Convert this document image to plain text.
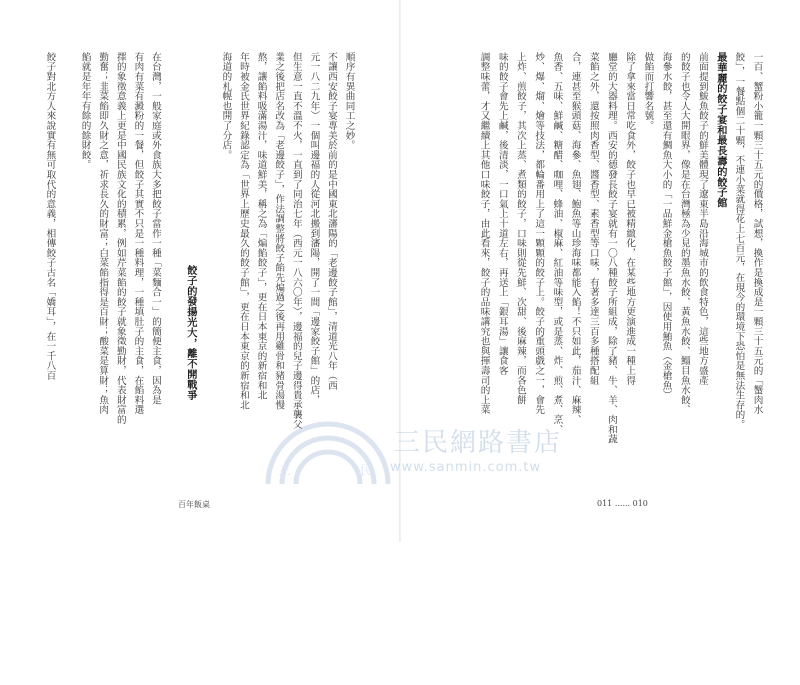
百年飯桌
順序有異曲同工之妙。
不讓西安餃子宴專美於前的是中國東北瀋陽的「老邊餃子館」，清道光八年（西
元一八二九年）一個叫邊福的人從河北搬到瀋陽，開了一間「邊家餃子館」的店，
但生意一直不溫不火，一直到了同治七年（西元一八六〇年），邊福的兒子邊得貴承襲父
業之後把店名改為「老邊餃子」，作法調整將餃子餡先煸過之後再用雞骨和豬骨湯慢
熬，讓餡料吸滿湯汁，味道鮮美，稱之為「煸餡餃子」，更在日本東京的新宿和北
年時被金氏世界紀錄認定為「世界上歷史最久的餃子館」，更在日本東京的新宿和北
海道的札幌也開了分店。
餃子的發揚光大，離不開戰爭
在台灣，一般家庭或外食族大多把餃子當作一種「菜麵合一」的簡便主食，因為是
有肉有菜有澱粉的一餐，但餃子其實不只是一種料理，一種填肚子的主食，在餡料選
擇的象徵意義上更是中國民族文化的積累，例如芹菜餡的餃子就象徵勤財，代表財富的
勤奮；韭菜餡即久財之意，祈求長久的財富；白菜餡指得是百財；酸菜是算財；魚肉
餡就是年年有餘的餘財餃。
餃子對北方人來說實有無可取代的意義，相傳餃子古名「嬌耳」，在一千八百
011 ...... 010
一百、蟹粉小籠一顆三十五元的價格，試想，換作是換成是一顆三十五元的「蟹肉水
餃」，一餐點個二十顆，不連小菜就得花上七百元，在現今的環境下恐怕是無法生存的。
最華麗的餃子宴和最長壽的餃子館
前面提到鮁魚餃子的鮮美體現了遼東半島沿海城市的飲食特色，這些地方盛產
的餃子也令人大開眼界，像是在台灣極為少見的墨魚水餃、黃魚水餃、鰨目魚水餃、
海參水餃，甚至還有鯛魚大小的「一品鮮金槍魚餃子館」，因使用鮪魚（金槍魚）
做餡而打響名號。
除了拿來當日常吃食外，餃子也早已被精緻化，在某些地方更演進成一種上得
廳堂的大器料理。西安的德發長餃子宴就有一〇八種餃子所組成，除了豬、牛、羊、肉和蔬
菜餡之外，還按照肉香型、醬香型、素香型等口味，有著多達三百多種搭配組
合，連甚至猴頭菇、海參、魚翅、鮑魚等山珍海味都能入餡！不只如此，茄汁、麻辣、
魚香、五味、鮮鹹、糖醋、咖哩、蜂油、椒麻、紅油等味型，或是蒸、炸、煎、煮、烹、
炒、爆、熘、燴等技法，都輪番用上了這一顆顆的餃子上。餃子的重頭戲之一，會先
上炸、煎餃子，其次上蒸、煮類的餃子，口味則從先鮮、次甜、後麻辣，而各色餅
味的餃子會先上鹹，後清淡，一口氣上十道左右，再送上「銀耳湯」讓食客
調整味蕾，才又繼續上其他口味餃子，由此看來，餃子的品味講究也與揮壽司的上菜
三	民
三民網路書店
www.sanmin.com.tw
